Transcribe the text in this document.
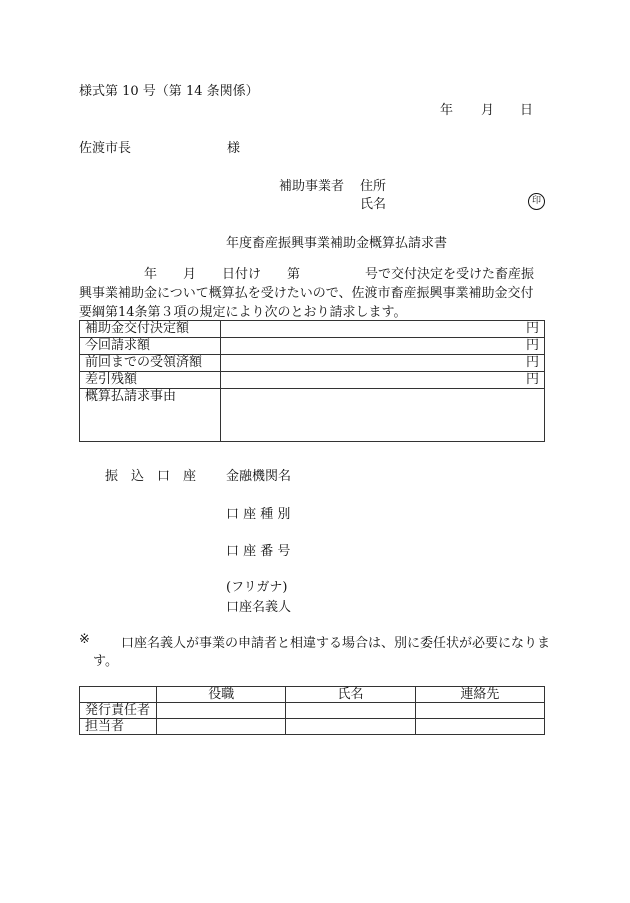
様式第 10 号（第 14 条関係）
年 月 日
佐渡市長	様
補助事業者 住所
氏名	印
年度畜産振興事業補助金概算払請求書
　　　　　年　　月　　日付け　　第　　　　　号で交付決定を受けた畜産振
興事業補助金について概算払を受けたいので、佐渡市畜産振興事業補助金交付
要綱第14条第３項の規定により次のとおり請求します。
補助金交付決定額	円
今回請求額	円
前回までの受領済額	円
差引残額	円
概算払請求事由	
振　込　口　座 金融機関名
口 座 種 別
口 座 番 号
(フリガナ)
口座名義人
※ 口座名義人が事業の申請者と相違する場合は、別に委任状が必要になりま
す。
	役職	氏名	連絡先
発行責任者			
担当者			
